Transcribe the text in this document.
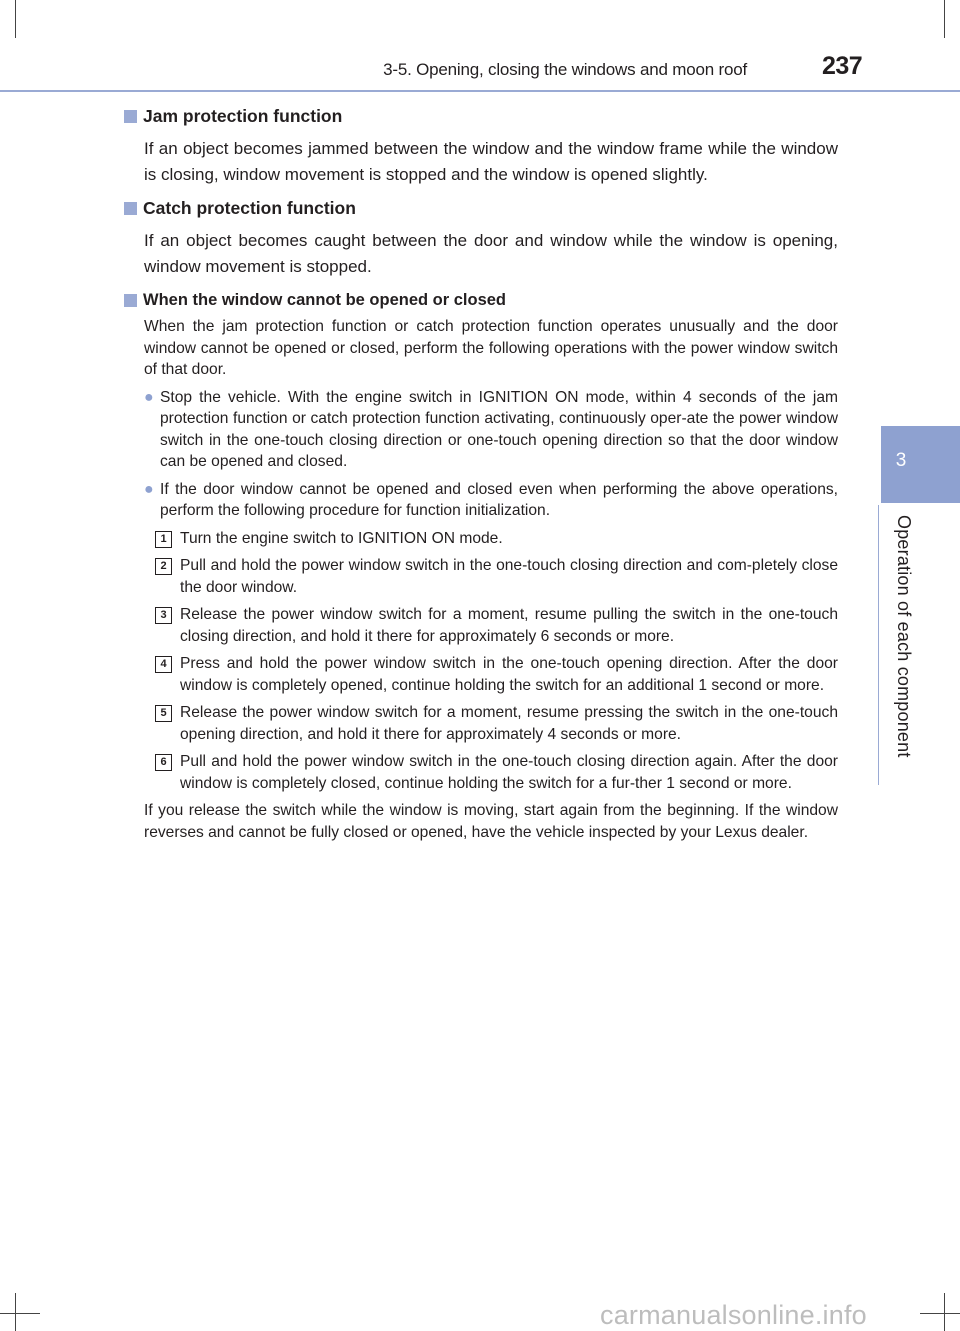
3-5. Opening, closing the windows and moon roof	237
3
Operation of each component
Jam protection function
If an object becomes jammed between the window and the window frame while the window is closing, window movement is stopped and the window is opened slightly.
Catch protection function
If an object becomes caught between the door and window while the window is opening, window movement is stopped.
When the window cannot be opened or closed
When the jam protection function or catch protection function operates unusually and the door window cannot be opened or closed, perform the following operations with the power window switch of that door.
● Stop the vehicle. With the engine switch in IGNITION ON mode, within 4 seconds of the jam protection function or catch protection function activating, continuously oper-ate the power window switch in the one-touch closing direction or one-touch opening direction so that the door window can be opened and closed.
● If the door window cannot be opened and closed even when performing the above operations, perform the following procedure for function initialization.
1 Turn the engine switch to IGNITION ON mode.
2 Pull and hold the power window switch in the one-touch closing direction and com-pletely close the door window.
3 Release the power window switch for a moment, resume pulling the switch in the one-touch closing direction, and hold it there for approximately 6 seconds or more.
4 Press and hold the power window switch in the one-touch opening direction. After the door window is completely opened, continue holding the switch for an additional 1 second or more.
5 Release the power window switch for a moment, resume pressing the switch in the one-touch opening direction, and hold it there for approximately 4 seconds or more.
6 Pull and hold the power window switch in the one-touch closing direction again. After the door window is completely closed, continue holding the switch for a fur-ther 1 second or more.
If you release the switch while the window is moving, start again from the beginning. If the window reverses and cannot be fully closed or opened, have the vehicle inspected by your Lexus dealer.
carmanualsonline.info
